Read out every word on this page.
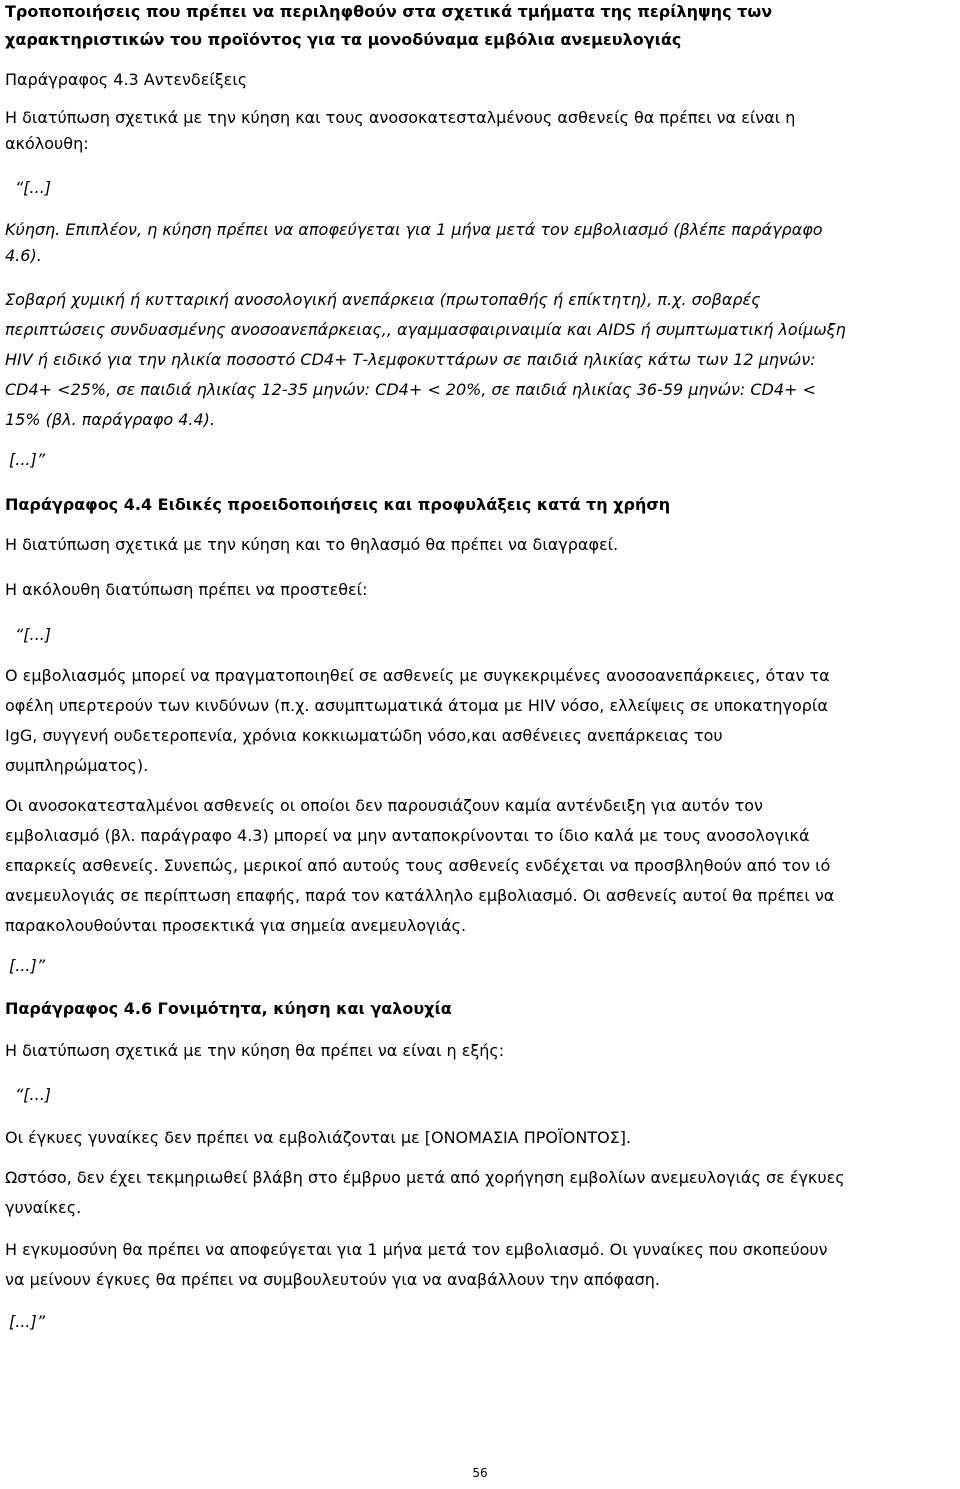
Τροποποιήσεις που πρέπει να περιληφθούν στα σχετικά τμήματα της περίληψης των
χαρακτηριστικών του προϊόντος για τα μονοδύναμα εμβόλια ανεμευλογιάς
Παράγραφος 4.3 Αντενδείξεις
Η διατύπωση σχετικά με την κύηση και τους ανοσοκατεσταλμένους ασθενείς θα πρέπει να είναι η
ακόλουθη:
“[...]
Κύηση. Επιπλέον, η κύηση πρέπει να αποφεύγεται για 1 μήνα μετά τον εμβολιασμό (βλέπε παράγραφο
4.6).
Σοβαρή χυμική ή κυτταρική ανοσολογική ανεπάρκεια (πρωτοπαθής ή επίκτητη), π.χ. σοβαρές
περιπτώσεις συνδυασμένης ανοσοανεπάρκειας,, αγαμμασφαιριναιμία και AIDS ή συμπτωματική λοίμωξη
HIV ή ειδικό για την ηλικία ποσοστό CD4+ Τ-λεμφοκυττάρων σε παιδιά ηλικίας κάτω των 12 μηνών:
CD4+ <25%, σε παιδιά ηλικίας 12-35 μηνών: CD4+ < 20%, σε παιδιά ηλικίας 36-59 μηνών: CD4+ <
15% (βλ. παράγραφο 4.4).
[...]”
Παράγραφος 4.4 Ειδικές προειδοποιήσεις και προφυλάξεις κατά τη χρήση
Η διατύπωση σχετικά με την κύηση και το θηλασμό θα πρέπει να διαγραφεί.
Η ακόλουθη διατύπωση πρέπει να προστεθεί:
“[...]
Ο εμβολιασμός μπορεί να πραγματοποιηθεί σε ασθενείς με συγκεκριμένες ανοσοανεπάρκειες, όταν τα
οφέλη υπερτερούν των κινδύνων (π.χ. ασυμπτωματικά άτομα με HIV νόσο, ελλείψεις σε υποκατηγορία
IgG, συγγενή ουδετεροπενία, χρόνια κοκκιωματώδη νόσο,και ασθένειες ανεπάρκειας του
συμπληρώματος).
Οι ανοσοκατεσταλμένοι ασθενείς οι οποίοι δεν παρουσιάζουν καμία αντένδειξη για αυτόν τον
εμβολιασμό (βλ. παράγραφο 4.3) μπορεί να μην ανταποκρίνονται το ίδιο καλά με τους ανοσολογικά
επαρκείς ασθενείς. Συνεπώς, μερικοί από αυτούς τους ασθενείς ενδέχεται να προσβληθούν από τον ιό
ανεμευλογιάς σε περίπτωση επαφής, παρά τον κατάλληλο εμβολιασμό. Οι ασθενείς αυτοί θα πρέπει να
παρακολουθούνται προσεκτικά για σημεία ανεμευλογιάς.
[...]”
Παράγραφος 4.6 Γονιμότητα, κύηση και γαλουχία
Η διατύπωση σχετικά με την κύηση θα πρέπει να είναι η εξής:
“[...]
Οι έγκυες γυναίκες δεν πρέπει να εμβολιάζονται με [ΟΝΟΜΑΣΙΑ ΠΡΟΪΟΝΤΟΣ].
Ωστόσο, δεν έχει τεκμηριωθεί βλάβη στο έμβρυο μετά από χορήγηση εμβολίων ανεμευλογιάς σε έγκυες
γυναίκες.
Η εγκυμοσύνη θα πρέπει να αποφεύγεται για 1 μήνα μετά τον εμβολιασμό. Οι γυναίκες που σκοπεύουν
να μείνουν έγκυες θα πρέπει να συμβουλευτούν για να αναβάλλουν την απόφαση.
[...]”
56
